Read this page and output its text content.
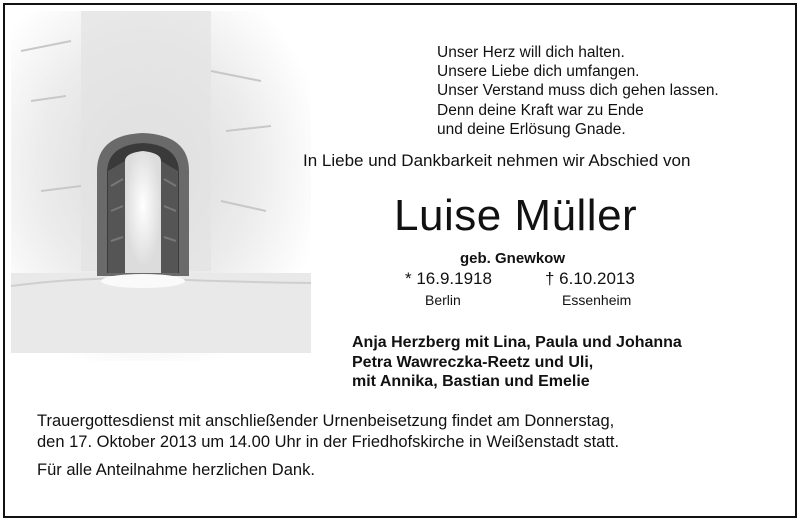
Unser Herz will dich halten.
Unsere Liebe dich umfangen.
Unser Verstand muss dich gehen lassen.
Denn deine Kraft war zu Ende
und deine Erlösung Gnade.
In Liebe und Dankbarkeit nehmen wir Abschied von
Luise Müller
geb. Gnewkow
* 16.9.1918
Berlin
† 6.10.2013
Essenheim
Anja Herzberg mit Lina, Paula und Johanna
Petra Wawreczka-Reetz und Uli,
mit Annika, Bastian und Emelie
Trauergottesdienst mit anschließender Urnenbeisetzung findet am Donnerstag,
den 17. Oktober 2013 um 14.00 Uhr in der Friedhofskirche in Weißenstadt statt.
Für alle Anteilnahme herzlichen Dank.
